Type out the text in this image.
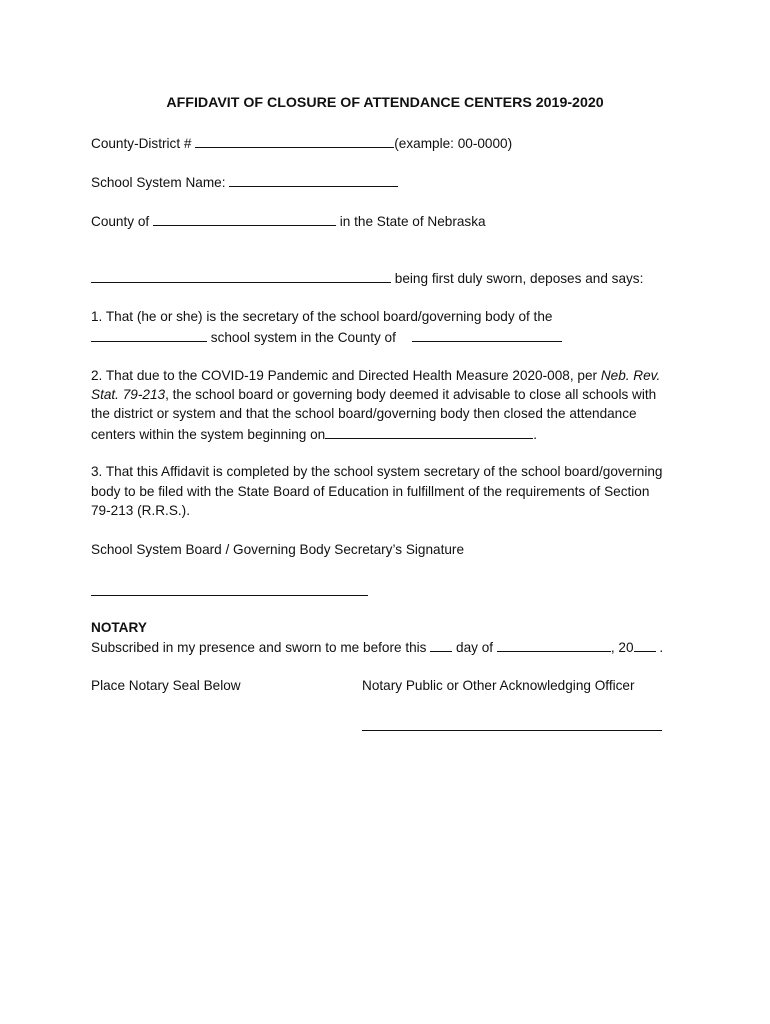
AFFIDAVIT OF CLOSURE OF ATTENDANCE CENTERS 2019-2020

County-District #	(example: 00-0000)

School System Name:

County of	in the State of Nebraska

being first duly sworn, deposes and says:

1. That (he or she) is the secretary of the school board/governing body of the

school system in the County of

2. That due to the COVID-19 Pandemic and Directed Health Measure 2020-008, per Neb. Rev.

Stat. 79-213, the school board or governing body deemed it advisable to close all schools with

the district or system and that the school board/governing body then closed the attendance

centers within the system beginning on	.

3. That this Affidavit is completed by the school system secretary of the school board/governing

body to be filed with the State Board of Education in fulfillment of the requirements of Section

79-213 (R.R.S.).

School System Board / Governing Body Secretary’s Signature

NOTARY

Subscribed in my presence and sworn to me before this day of	, 20 .

Place Notary Seal Below	Notary Public or Other Acknowledging Officer
